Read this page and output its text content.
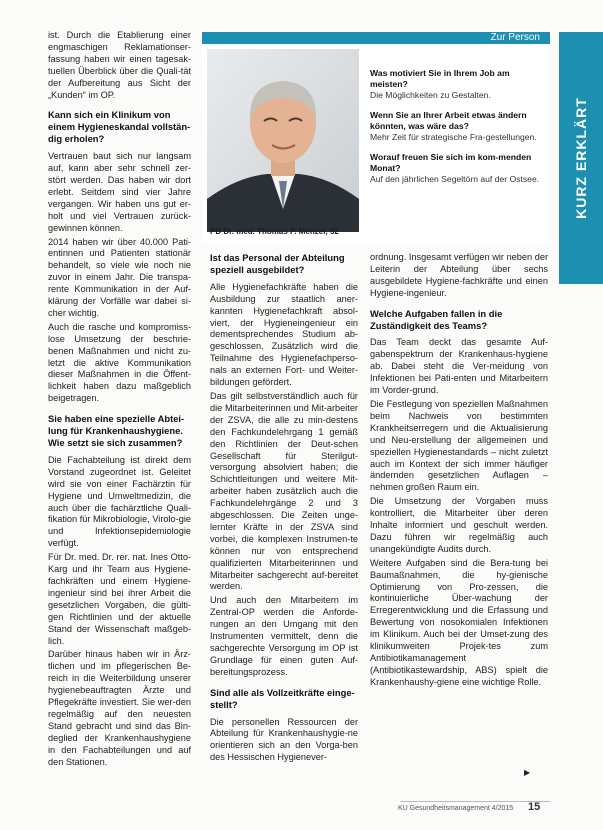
ist. Durch die Etablierung einer engmaschigen Reklamationser-fassung haben wir einen tagesak-tuellen Überblick über die Quali-tät der Aufbereitung aus Sicht der „Kunden“ im OP.

Kann sich ein Klinikum von einem Hygieneskandal vollstän-dig erholen?

Vertrauen baut sich nur langsam auf, kann aber sehr schnell zer-stört werden. Das haben wir dort erlebt. Seitdem sind vier Jahre vergangen. Wir haben uns gut er-holt und viel Vertrauen zurück-gewinnen können.

2014 haben wir über 40.000 Pati-entinnen und Patienten stationär behandelt, so viele wie noch nie zuvor in einem Jahr. Die transpa-rente Kommunikation in der Auf-klärung der Vorfälle war dabei si-cher wichtig.

Auch die rasche und kompromiss-lose Umsetzung der beschrie-benen Maßnahmen und nicht zu-letzt die aktive Kommunikation dieser Maßnahmen in die Öffent-lichkeit haben dazu maßgeblich beigetragen.

Sie haben eine spezielle Abtei-lung für Krankenhaushygiene. Wie setzt sie sich zusammen?

Die Fachabteilung ist direkt dem Vorstand zugeordnet ist. Geleitet wird sie von einer Fachärztin für Hygiene und Umweltmedizin, die auch über die fachärztliche Quali-fikation für Mikrobiologie, Virolo-gie und Infektionsepidemiologie verfügt.

Für Dr. med. Dr. rer. nat. Ines Otto-Karg und ihr Team aus Hygiene-fachkräften und einem Hygiene-ingenieur sind bei ihrer Arbeit die gesetzlichen Vorgaben, die gülti-gen Richtlinien und der aktuelle Stand der Wissenschaft maßgeb-lich.

Darüber hinaus haben wir in Ärz-tlichen und im pflegerischen Be-reich in die Weiterbildung unserer hygienebeauftragten Ärzte und Pflegekräfte investiert. Sie wer-den regelmäßig auf den neuesten Stand gebracht und sind das Bin-deglied der Krankenhaushygiene in den Fachabteilungen und auf den Stationen.

Zur Person
PD Dr. med. Thomas P. Menzel, 52
Was motiviert Sie in Ihrem Job am meisten?
Die Möglichkeiten zu Gestalten.
Wenn Sie an Ihrer Arbeit etwas ändern könnten, was wäre das?
Mehr Zeit für strategische Fra-gestellungen.
Worauf freuen Sie sich im kom-menden Monat?
Auf den jährlichen Segeltörn auf der Ostsee.	KURZ ERKLÄRT
Ist das Personal der Abteilung speziell ausgebildet?

Alle Hygienefachkräfte haben die Ausbildung zur staatlich aner-kannten Hygienefachkraft absol-viert, der Hygieneingenieur ein dementsprechendes Studium ab-geschlossen. Zusätzlich wird die Teilnahme des Hygienefachperso-nals an externen Fort- und Weiter-bildungen gefördert.

Das gilt selbstverständlich auch für die Mitarbeiterinnen und Mit-arbeiter der ZSVA, die alle zu min-destens den Fachkundelehrgang 1 gemäß den Richtlinien der Deut-schen Gesellschaft für Sterilgut-versorgung absolviert haben; die Schichtleitungen und weitere Mit-arbeiter haben zusätzlich auch die Fachkundelehrgänge 2 und 3 abgeschlossen. Die Zeiten unge-lernter Kräfte in der ZSVA sind vorbei, die komplexen Instrumen-te können nur von entsprechend qualifizierten Mitarbeiterinnen und Mitarbeiter sachgerecht auf-bereitet werden.

Und auch den Mitarbeitern im Zentral-OP werden die Anforde-rungen an den Umgang mit den Instrumenten vermittelt, denn die sachgerechte Versorgung im OP ist Grundlage für einen guten Auf-bereitungsprozess.

Sind alle als Vollzeitkräfte einge-stellt?

Die personellen Ressourcen der Abteilung für Krankenhaushygie-ne orientieren sich an den Vorga-ben des Hessischen Hygienever-

ordnung. Insgesamt verfügen wir neben der Leiterin der Abteilung über sechs ausgebildete Hygiene-fachkräfte und einen Hygiene-ingenieur.

Welche Aufgaben fallen in die Zuständigkeit des Teams?

Das Team deckt das gesamte Auf-gabenspektrum der Krankenhaus-hygiene ab. Dabei steht die Ver-meidung von Infektionen bei Pati-enten und Mitarbeitern im Vorder-grund.

Die Festlegung von speziellen Maßnahmen beim Nachweis von bestimmten Krankheitserregern und die Aktualisierung und Neu-erstellung der allgemeinen und speziellen Hygienestandards – nicht zuletzt auch im Kontext der sich immer häufiger ändernden gesetzlichen Auflagen – nehmen großen Raum ein.

Die Umsetzung der Vorgaben muss kontrolliert, die Mitarbeiter über deren Inhalte informiert und geschult werden. Dazu führen wir regelmäßig auch unangekündigte Audits durch.

Weitere Aufgaben sind die Bera-tung bei Baumaßnahmen, die hy-gienische Optimierung von Pro-zessen, die kontinuierliche Über-wachung der Erregerentwicklung und die Erfassung und Bewertung von nosokomialen Infektionen im Klinikum. Auch bei der Umset-zung des klinikumweiten Projek-tes zum Antibiotikamanagement (Antibiotikastewardship, ABS) spielt die Krankenhaushy-giene eine wichtige Rolle.

▶
KU Gesundheitsmanagement 4/2015 15
